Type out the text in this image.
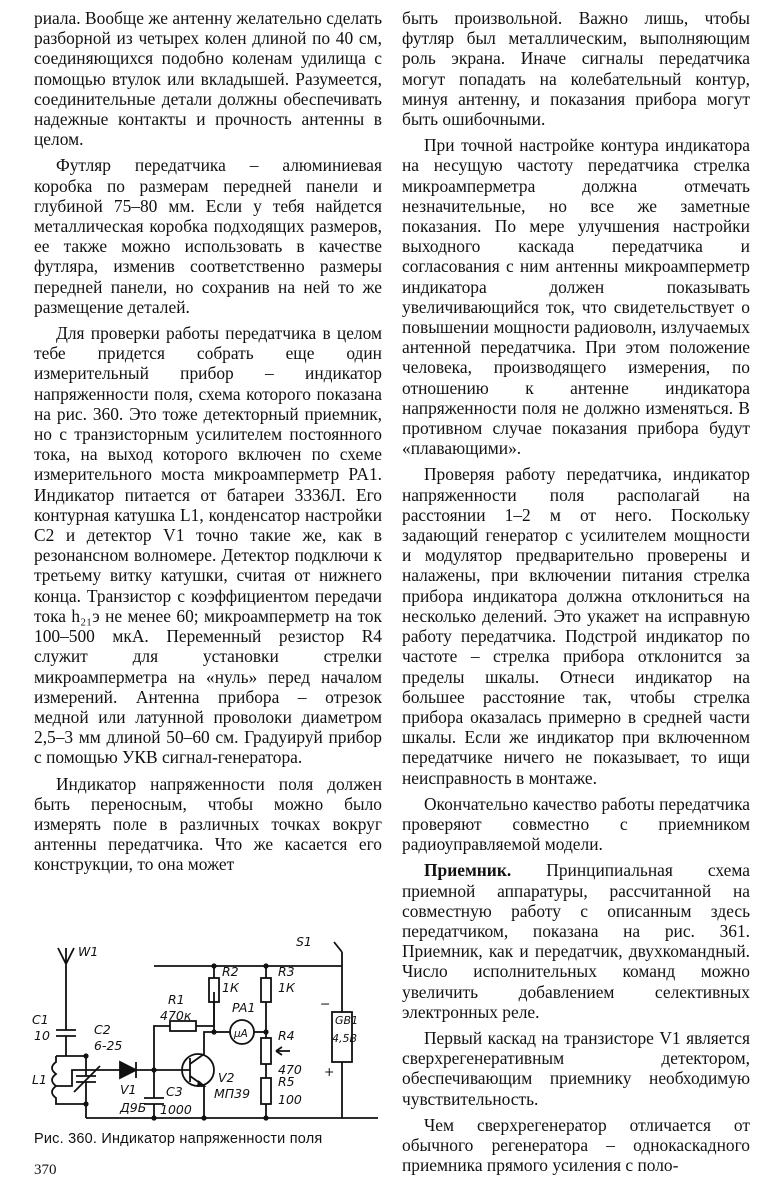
риала. Вообще же антенну желательно сделать разборной из четырех колен длиной по 40 см, соединяющихся подобно коленам удилища с помощью втулок или вкладышей. Разумеется, соединительные детали должны обеспечивать надежные контакты и прочность антенны в целом.

Футляр передатчика – алюминиевая коробка по размерам передней панели и глубиной 75–80 мм. Если у тебя найдется металлическая коробка подходящих размеров, ее также можно использовать в качестве футляра, изменив соответственно размеры передней панели, но сохранив на ней то же размещение деталей.

Для проверки работы передатчика в целом тебе придется собрать еще один измерительный прибор – индикатор напряженности поля, схема которого показана на рис. 360. Это тоже детекторный приемник, но с транзисторным усилителем постоянного тока, на выход которого включен по схеме измерительного моста микроамперметр PA1. Индикатор питается от батареи 3336Л. Его контурная катушка L1, конденсатор настройки С2 и детектор V1 точно такие же, как в резонансном волномере. Детектор подключи к третьему витку катушки, считая от нижнего конца. Транзистор с коэффициентом передачи тока h₂₁э не менее 60; микроамперметр на ток 100–500 мкА. Переменный резистор R4 служит для установки стрелки микроамперметра на «нуль» перед началом измерений. Антенна прибора – отрезок медной или латунной проволоки диаметром 2,5–3 мм длиной 50–60 см. Градуируй прибор с помощью УКВ сигнал-генератора.

Индикатор напряженности поля должен быть переносным, чтобы можно было измерять поле в различных точках вокруг антенны передатчика. Что же касается его конструкции, то она может

быть произвольной. Важно лишь, чтобы футляр был металлическим, выполняющим роль экрана. Иначе сигналы передатчика могут попадать на колебательный контур, минуя антенну, и показания прибора могут быть ошибочными.

При точной настройке контура индикатора на несущую частоту передатчика стрелка микроамперметра должна отмечать незначительные, но все же заметные показания. По мере улучшения настройки выходного каскада передатчика и согласования с ним антенны микроамперметр индикатора должен показывать увеличивающийся ток, что свидетельствует о повышении мощности радиоволн, излучаемых антенной передатчика. При этом положение человека, производящего измерения, по отношению к антенне индикатора напряженности поля не должно изменяться. В противном случае показания прибора будут «плавающими».

Проверяя работу передатчика, индикатор напряженности поля располагай на расстоянии 1–2 м от него. Поскольку задающий генератор с усилителем мощности и модулятор предварительно проверены и налажены, при включении питания стрелка прибора индикатора должна отклониться на несколько делений. Это укажет на исправную работу передатчика. Подстрой индикатор по частоте – стрелка прибора отклонится за пределы шкалы. Отнеси индикатор на большее расстояние так, чтобы стрелка прибора оказалась примерно в средней части шкалы. Если же индикатор при включенном передатчике ничего не показывает, то ищи неисправность в монтаже.

Окончательно качество работы передатчика проверяют совместно с приемником радиоуправляемой модели.

Приемник. Принципиальная схема приемной аппаратуры, рассчитанной на совместную работу с описанным здесь передатчиком, показана на рис. 361. Приемник, как и передатчик, двухкомандный. Число исполнительных команд можно увеличить добавлением селективных электронных реле.

Первый каскад на транзисторе V1 является сверхрегенеративным детектором, обеспечивающим приемнику необходимую чувствительность.

Чем сверхрегенератор отличается от обычного регенератора – однокаскадного приемника прямого усиления с поло-

W1
C1
10
L1
C2
6-25
V1
Д9Б
R1
470к
R2
1К
R3
1К
PA1
μA R4
470
R5
100
V2
МП39
C3
1000
S1
−
GB1
4,5В
+
Рис. 360. Индикатор напряженности поля
370
